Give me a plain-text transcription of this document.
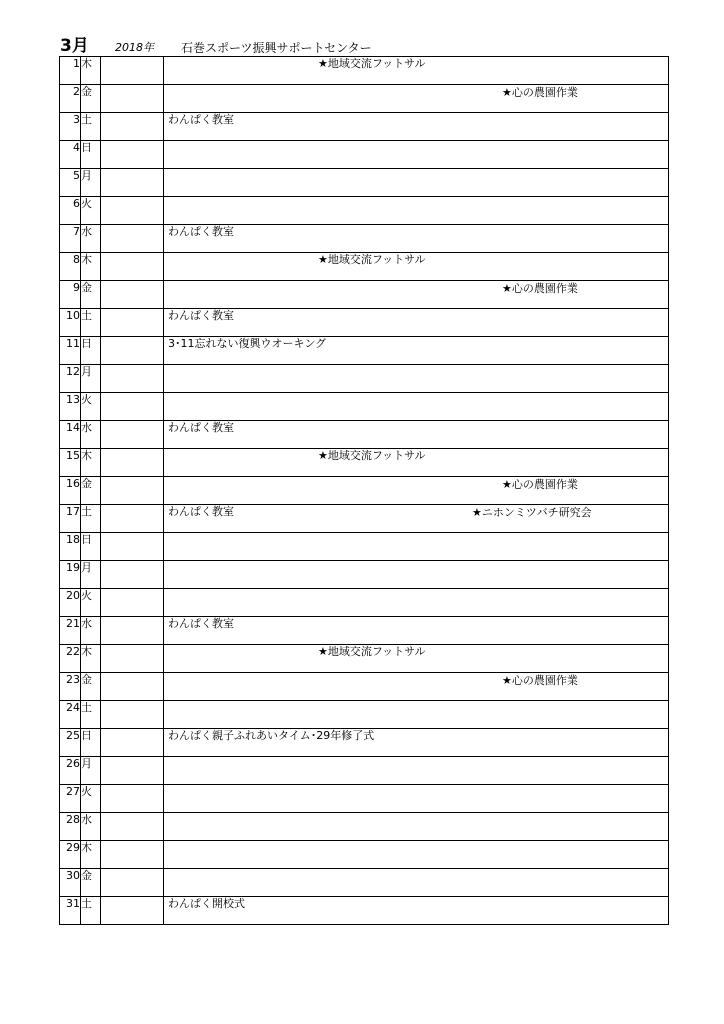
3月 2018年 石巻スポーツ振興サポートセンター
1	木		★地域交流フットサル

2	金		★心の農園作業

3	土		わんぱく教室

4	日		
5	月		
6	火		
7	水		わんぱく教室

8	木		★地域交流フットサル

9	金		★心の農園作業

10	土		わんぱく教室

11	日		3･11忘れない復興ウオーキング

12	月		
13	火		
14	水		わんぱく教室

15	木		★地域交流フットサル

16	金		★心の農園作業

17	土		わんぱく教室 ★ニホンミツバチ研究会

18	日		
19	月		
20	火		
21	水		わんぱく教室

22	木		★地域交流フットサル

23	金		★心の農園作業

24	土		
25	日		わんぱく親子ふれあいタイム･29年修了式

26	月		
27	火		
28	水		
29	木		
30	金		
31	土		わんぱく開校式
